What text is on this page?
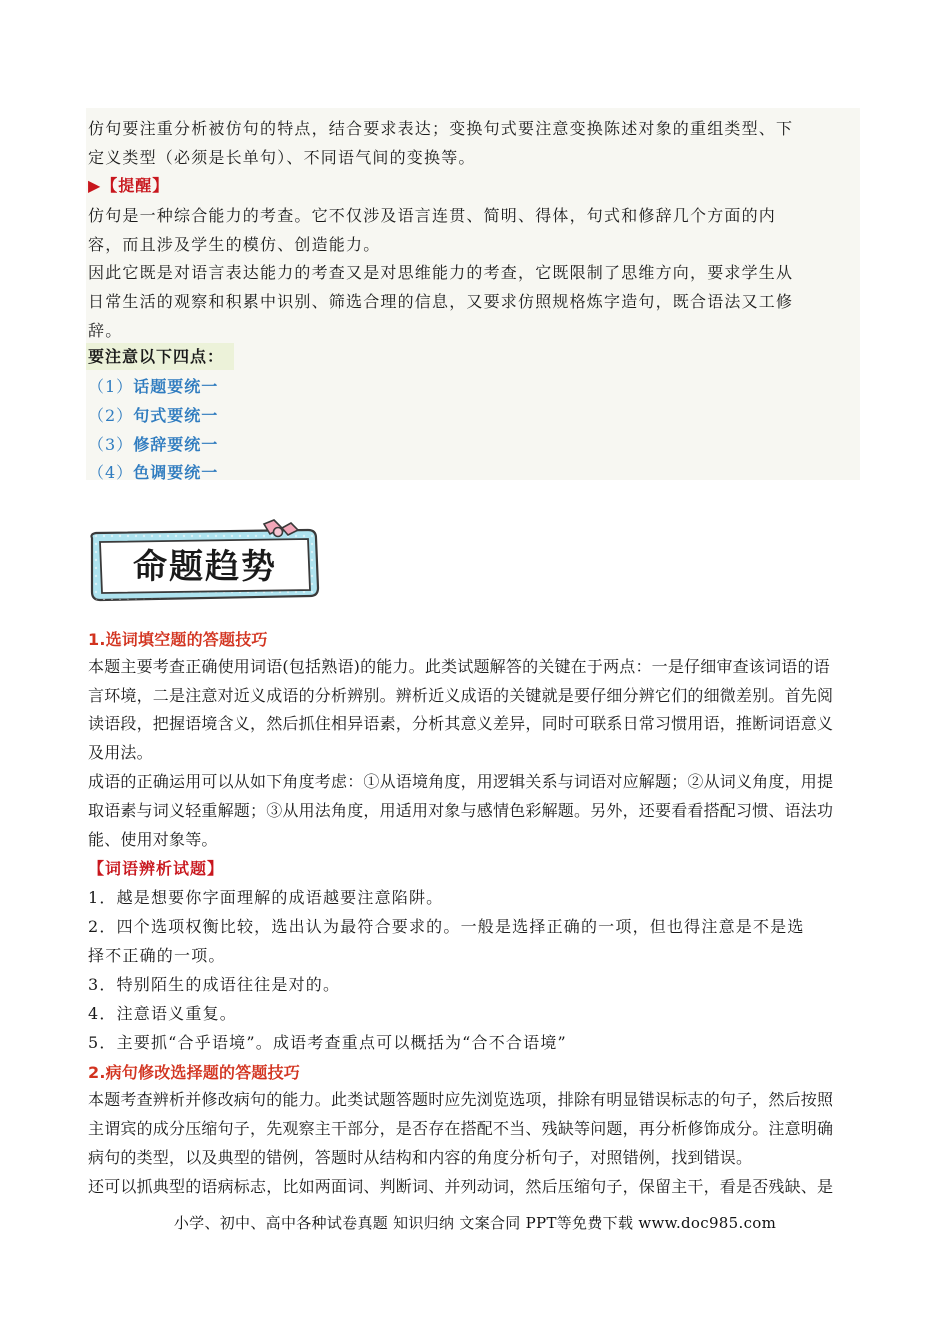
仿句要注重分析被仿句的特点，结合要求表达；变换句式要注意变换陈述对象的重组类型、下

定义类型（必须是长单句）、不同语气间的变换等。

▶【提醒】

仿句是一种综合能力的考查。它不仅涉及语言连贯、简明、得体，句式和修辞几个方面的内

容，而且涉及学生的模仿、创造能力。

因此它既是对语言表达能力的考查又是对思维能力的考查，它既限制了思维方向，要求学生从

日常生活的观察和积累中识别、筛选合理的信息，又要求仿照规格炼字造句，既合语法又工修

辞。

要注意以下四点：
（1）话题要统一
（2）句式要统一
（3）修辞要统一
（4）色调要统一
命题趋势
1.选词填空题的答题技巧

本题主要考查正确使用词语(包括熟语)的能力。此类试题解答的关键在于两点：一是仔细审查该词语的语

言环境，二是注意对近义成语的分析辨别。辨析近义成语的关键就是要仔细分辨它们的细微差别。首先阅

读语段，把握语境含义，然后抓住相异语素，分析其意义差异，同时可联系日常习惯用语，推断词语意义

及用法。

成语的正确运用可以从如下角度考虑：①从语境角度，用逻辑关系与词语对应解题；②从词义角度，用提

取语素与词义轻重解题；③从用法角度，用适用对象与感情色彩解题。另外，还要看看搭配习惯、语法功

能、使用对象等。

【词语辨析试题】

1．越是想要你字面理解的成语越要注意陷阱。

2．四个选项权衡比较，选出认为最符合要求的。一般是选择正确的一项，但也得注意是不是选

择不正确的一项。

3．特别陌生的成语往往是对的。

4．注意语义重复。

5．主要抓“合乎语境”。成语考查重点可以概括为“合不合语境”

2.病句修改选择题的答题技巧

本题考查辨析并修改病句的能力。此类试题答题时应先浏览选项，排除有明显错误标志的句子，然后按照

主谓宾的成分压缩句子，先观察主干部分，是否存在搭配不当、残缺等问题，再分析修饰成分。注意明确

病句的类型，以及典型的错例，答题时从结构和内容的角度分析句子，对照错例，找到错误。

还可以抓典型的语病标志，比如两面词、判断词、并列动词，然后压缩句子，保留主干，看是否残缺、是

小学、初中、高中各种试卷真题 知识归纳 文案合同 PPT等免费下载 www.doc985.com
